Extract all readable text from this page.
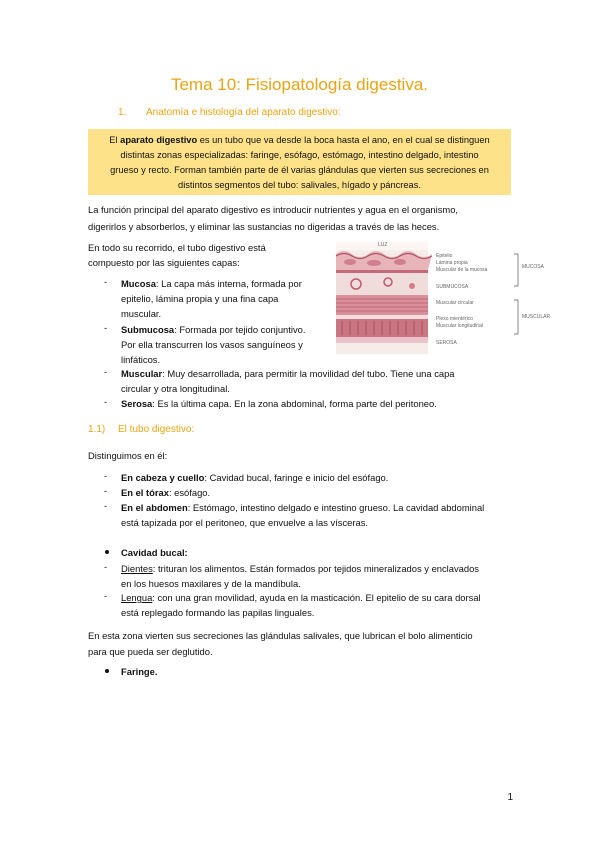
Tema 10: Fisiopatología digestiva.
1. Anatomía e histología del aparato digestivo:
El aparato digestivo es un tubo que va desde la boca hasta el ano, en el cual se distinguen
distintas zonas especializadas: faringe, esófago, estómago, intestino delgado, intestino
grueso y recto. Forman también parte de él varias glándulas que vierten sus secreciones en
distintos segmentos del tubo: salivales, hígado y páncreas.
La función principal del aparato digestivo es introducir nutrientes y agua en el organismo,
digerirlos y absorberlos, y eliminar las sustancias no digeridas a través de las heces.
En todo su recorrido, el tubo digestivo está
compuesto por las siguientes capas:
- Mucosa: La capa más interna, formada por
epitelio, lámina propia y una fina capa
muscular.
- Submucosa: Formada por tejido conjuntivo.
Por ella transcurren los vasos sanguíneos y
linfáticos.
- Muscular: Muy desarrollada, para permitir la movilidad del tubo. Tiene una capa
circular y otra longitudinal.
- Serosa: Es la última capa. En la zona abdominal, forma parte del peritoneo.
LUZ
Epitelio
Lámina propia
Muscular de la mucosa	MUCOSA
SUBMUCOSA
Muscular circular
Plexo mientérico
Muscular longitudinal
MUSCULAR
SEROSA
1.1) El tubo digestivo:
Distinguimos en él:
- En cabeza y cuello: Cavidad bucal, faringe e inicio del esófago.
- En el tórax: esófago.
- En el abdomen: Estómago, intestino delgado e intestino grueso. La cavidad abdominal
está tapizada por el peritoneo, que envuelve a las vísceras.
Cavidad bucal:
- Dientes: trituran los alimentos. Están formados por tejidos mineralizados y enclavados
en los huesos maxilares y de la mandíbula.
- Lengua: con una gran movilidad, ayuda en la masticación. El epitelio de su cara dorsal
está replegado formando las papilas linguales.
En esta zona vierten sus secreciones las glándulas salivales, que lubrican el bolo alimenticio
para que pueda ser deglutido.
Faringe.
1
